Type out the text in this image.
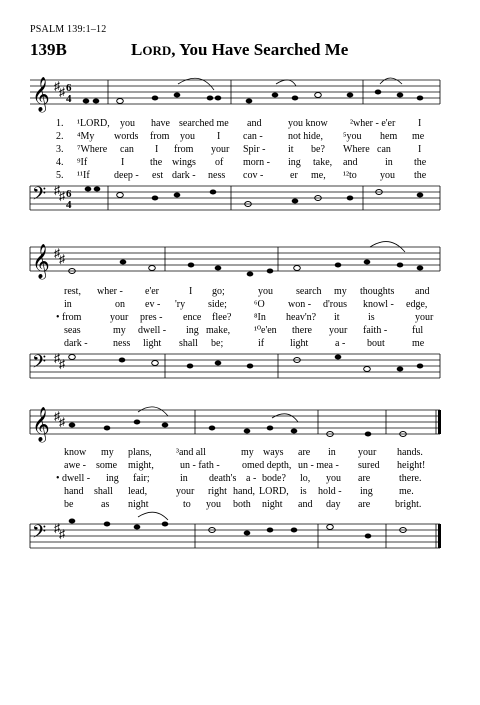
PSALM 139:1–12
139B	LORD, You Have Searched Me
𝄞 ♯ ♯ 6
4
1. ¹LORD, you have searched me and	you know ²wher - e'er I
2. ⁴My words from you I can -	not hide, ⁵you hem me
3. ⁷Where can I from your Spir - it be? Where can	I
4. ⁹If	I	the wings of morn - ing take, and	in the
5. ¹¹If deep - est dark - ness cov -	er me, ¹²to you the
𝄢 ♯ ♯ 6
4
𝄞 ♯ ♯
rest, wher - e'er	I go;	you search my thoughts and
in	on ev - 'ry side;	⁶O won - d'rous knowl - edge,
• from	your pres - ence flee? ⁸In heav'n? it	is	your
seas	my dwell - ing make, ¹⁰e'en there your faith - ful
dark -	ness light shall be;	if	light	a - bout	me
𝄢 ♯ ♯
𝄞 ♯ ♯
know my plans, ³and all	my ways are in your hands.
awe - some might,	un - fath - omed depth, un - mea - sured height!
• dwell - ing fair;	in death's a - bode? lo, you are	there.
hand shall lead,	your right hand, LORD, is hold - ing	me.
be	as night	to you both night and day are bright.
𝄢 ♯ ♯
